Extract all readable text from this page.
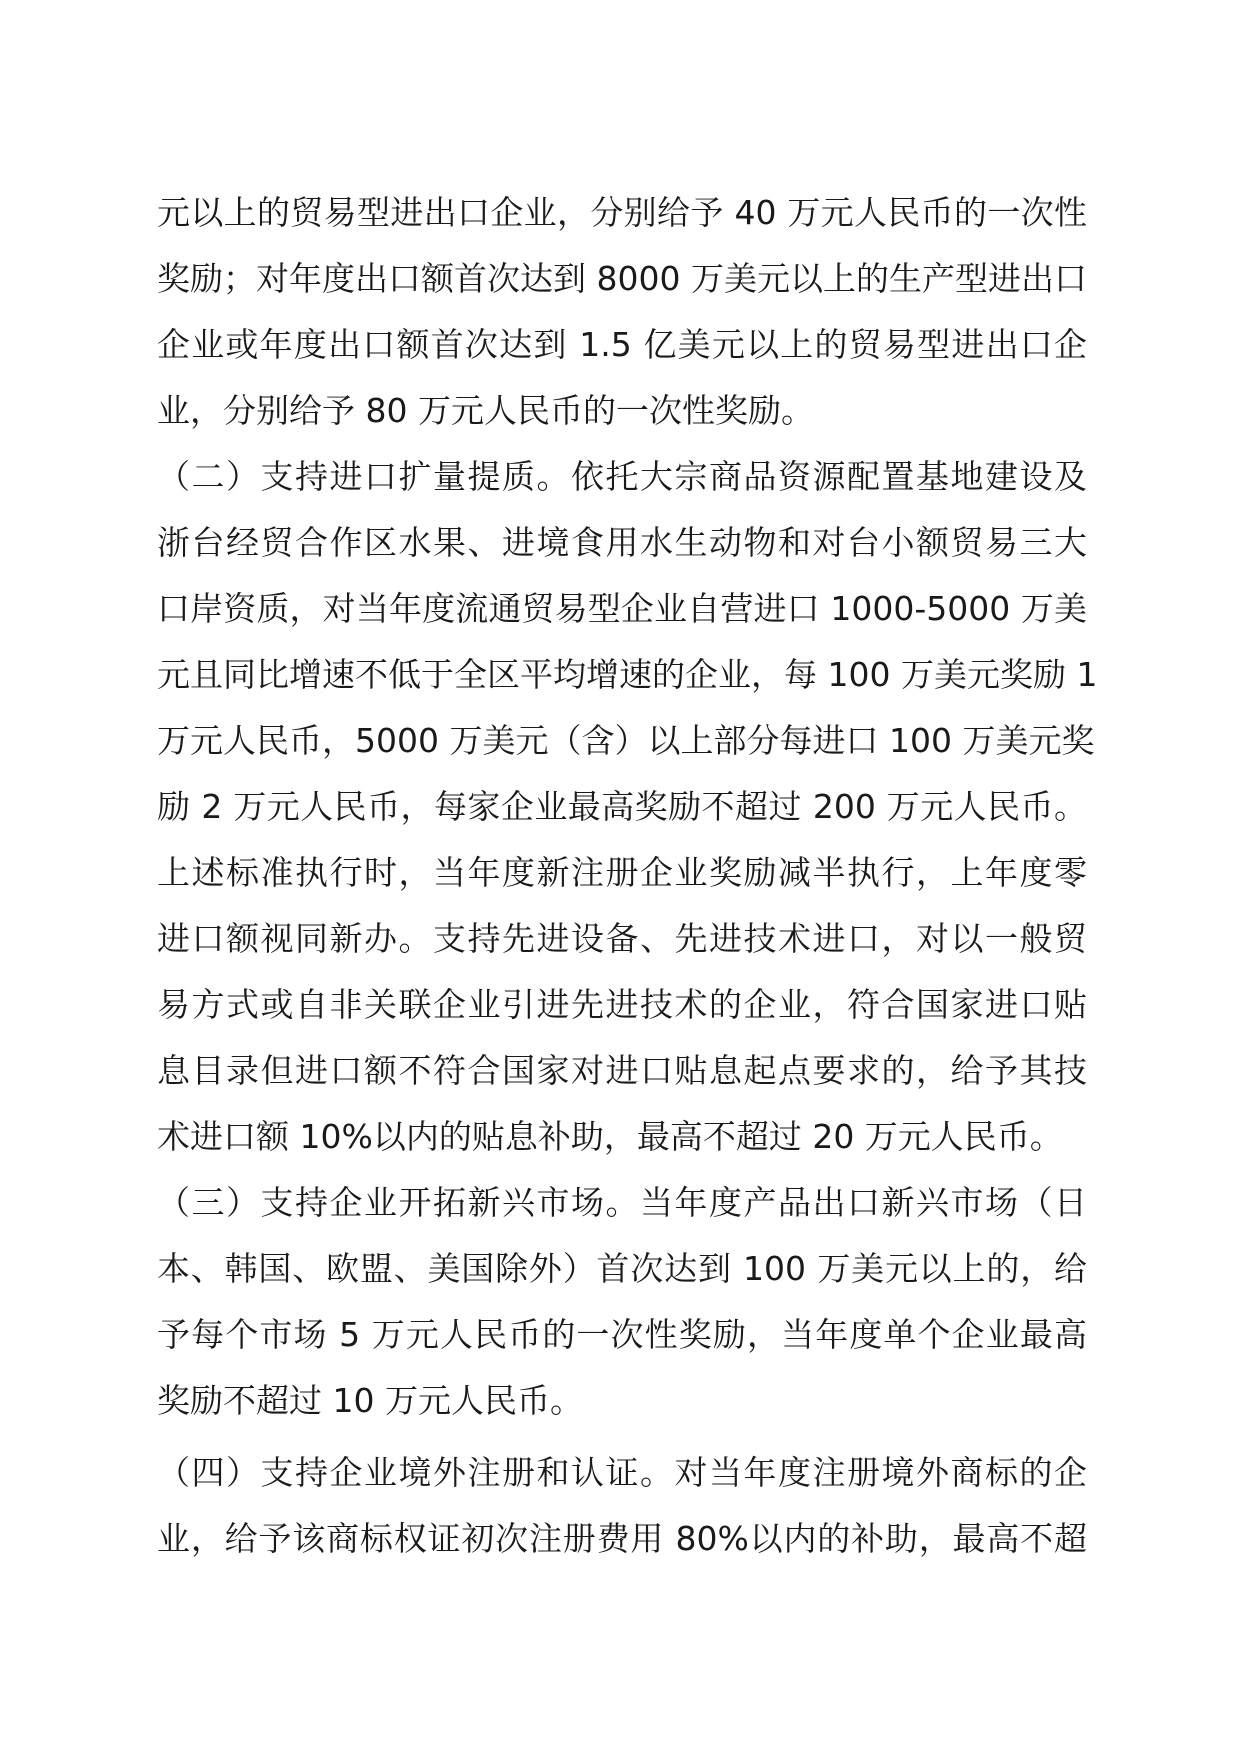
元以上的贸易型进出口企业，分别给予 40 万元人民币的一次性
奖励；对年度出口额首次达到 8000 万美元以上的生产型进出口
企业或年度出口额首次达到 1.5 亿美元以上的贸易型进出口企
业，分别给予 80 万元人民币的一次性奖励。
（二）支持进口扩量提质。依托大宗商品资源配置基地建设及
浙台经贸合作区水果、进境食用水生动物和对台小额贸易三大
口岸资质，对当年度流通贸易型企业自营进口 1000-5000 万美
元且同比增速不低于全区平均增速的企业，每 100 万美元奖励 1
万元人民币，5000 万美元（含）以上部分每进口 100 万美元奖
励 2 万元人民币，每家企业最高奖励不超过 200 万元人民币。
上述标准执行时，当年度新注册企业奖励减半执行，上年度零
进口额视同新办。支持先进设备、先进技术进口，对以一般贸
易方式或自非关联企业引进先进技术的企业，符合国家进口贴
息目录但进口额不符合国家对进口贴息起点要求的，给予其技
术进口额 10%以内的贴息补助，最高不超过 20 万元人民币。
（三）支持企业开拓新兴市场。当年度产品出口新兴市场（日
本、韩国、欧盟、美国除外）首次达到 100 万美元以上的，给
予每个市场 5 万元人民币的一次性奖励，当年度单个企业最高
奖励不超过 10 万元人民币。
（四）支持企业境外注册和认证。对当年度注册境外商标的企
业，给予该商标权证初次注册费用 80%以内的补助，最高不超
